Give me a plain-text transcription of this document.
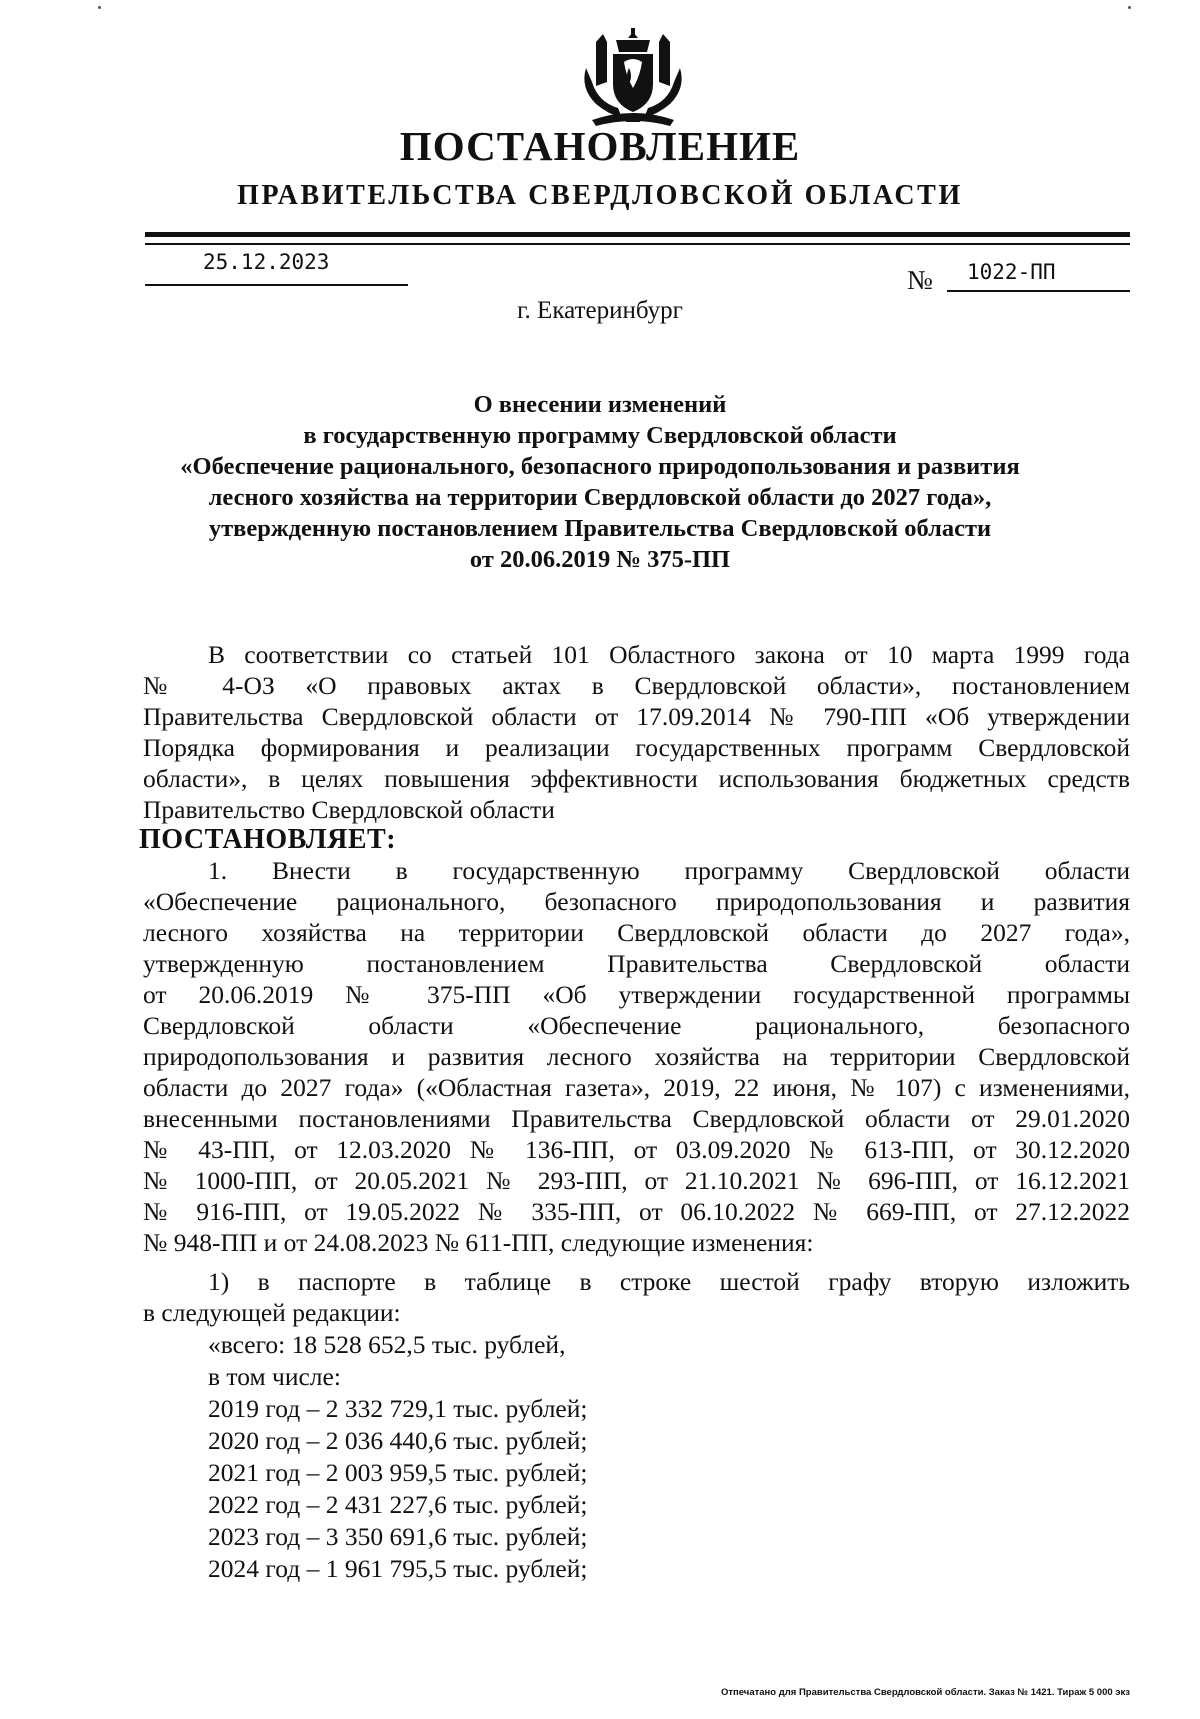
ПОСТАНОВЛЕНИЕ
ПРАВИТЕЛЬСТВА СВЕРДЛОВСКОЙ ОБЛАСТИ
25.12.2023
№ 1022-ПП
г. Екатеринбург
О внесении изменений
в государственную программу Свердловской области
«Обеспечение рационального, безопасного природопользования и развития
лесного хозяйства на территории Свердловской области до 2027 года»,
утвержденную постановлением Правительства Свердловской области
от 20.06.2019 № 375-ПП
В соответствии со статьей 101 Областного закона от 10 марта 1999 года
№ 4-ОЗ «О правовых актах в Свердловской области», постановлением
Правительства Свердловской области от 17.09.2014 № 790-ПП «Об утверждении
Порядка формирования и реализации государственных программ Свердловской
области», в целях повышения эффективности использования бюджетных средств
Правительство Свердловской области
ПОСТАНОВЛЯЕТ:
1. Внести в государственную программу Свердловской области
«Обеспечение рационального, безопасного природопользования и развития
лесного хозяйства на территории Свердловской области до 2027 года»,
утвержденную постановлением Правительства Свердловской области
от 20.06.2019 № 375-ПП «Об утверждении государственной программы
Свердловской области «Обеспечение рационального, безопасного
природопользования и развития лесного хозяйства на территории Свердловской
области до 2027 года» («Областная газета», 2019, 22 июня, № 107) с изменениями,
внесенными постановлениями Правительства Свердловской области от 29.01.2020
№ 43-ПП, от 12.03.2020 № 136-ПП, от 03.09.2020 № 613-ПП, от 30.12.2020
№ 1000-ПП, от 20.05.2021 № 293-ПП, от 21.10.2021 № 696-ПП, от 16.12.2021
№ 916-ПП, от 19.05.2022 № 335-ПП, от 06.10.2022 № 669-ПП, от 27.12.2022
№ 948-ПП и от 24.08.2023 № 611-ПП, следующие изменения:
1) в паспорте в таблице в строке шестой графу вторую изложить
в следующей редакции:
«всего: 18 528 652,5 тыс. рублей,
в том числе:
2019 год – 2 332 729,1 тыс. рублей;
2020 год – 2 036 440,6 тыс. рублей;
2021 год – 2 003 959,5 тыс. рублей;
2022 год – 2 431 227,6 тыс. рублей;
2023 год – 3 350 691,6 тыс. рублей;
2024 год – 1 961 795,5 тыс. рублей;
Отпечатано для Правительства Свердловской области. Заказ № 1421. Тираж 5 000 экз
